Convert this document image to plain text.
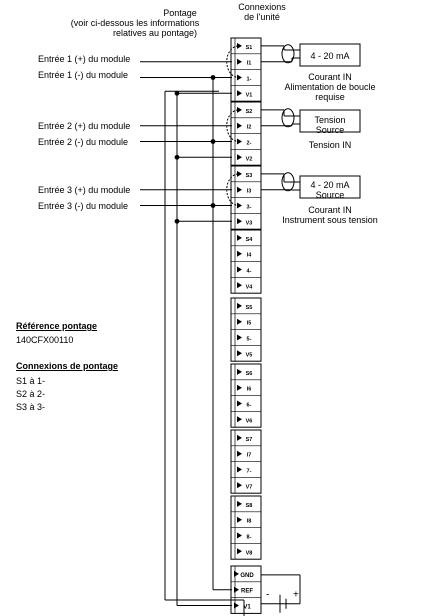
S1
I1
1-
V1
S2
I2
2-
V2
S3
I3
3-
V3
S4
I4
4-
V4
S5
I5
5-
V5
S6
I6
6-
V6
S7
I7
7-
V7
S8
I8
8-
V8
GND
REF
V1
- +
Pontage
(voir ci-dessous les informations
relatives au pontage)
Connexions
de l'unité
Entrée 1 (+) du module
Entrée 1 (-) du module
Entrée 2 (+) du module
Entrée 2 (-) du module
Entrée 3 (+) du module
Entrée 3 (-) du module
4 - 20 mA
Tension
Source
4 - 20 mA
Source
Courant IN
Alimentation de boucle
requise
Tension IN
Courant IN
Instrument sous tension
Référence pontage
140CFX00110
Connexions de pontage
S1 à 1-
S2 à 2-
S3 à 3-
